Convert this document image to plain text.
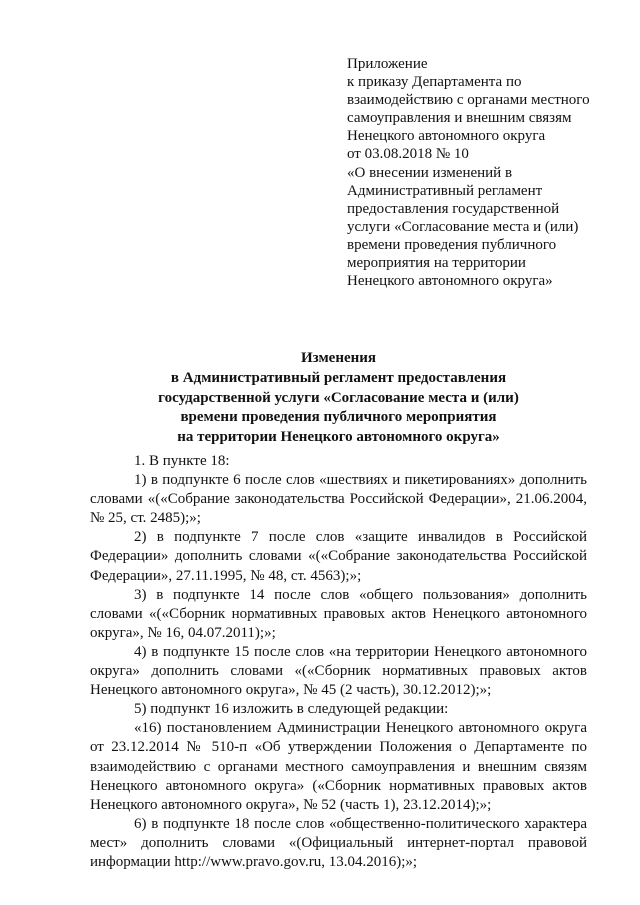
Приложение
к приказу Департамента по
взаимодействию с органами местного
самоуправления и внешним связям
Ненецкого автономного округа
от 03.08.2018 № 10
«О внесении изменений в
Административный регламент
предоставления государственной
услуги «Согласование места и (или)
времени проведения публичного
мероприятия на территории
Ненецкого автономного округа»
Изменения
в Административный регламент предоставления
государственной услуги «Согласование места и (или)
времени проведения публичного мероприятия
на территории Ненецкого автономного округа»

1. В пункте 18:

1) в подпункте 6 после слов «шествиях и пикетированиях» дополнить словами «(«Собрание законодательства Российской Федерации», 21.06.2004, № 25, ст. 2485);»;

2) в подпункте 7 после слов «защите инвалидов в Российской Федерации» дополнить словами «(«Собрание законодательства Российской Федерации», 27.11.1995, № 48, ст. 4563);»;

3) в подпункте 14 после слов «общего пользования» дополнить словами «(«Сборник нормативных правовых актов Ненецкого автономного округа», № 16, 04.07.2011);»;

4) в подпункте 15 после слов «на территории Ненецкого автономного округа» дополнить словами «(«Сборник нормативных правовых актов Ненецкого автономного округа», № 45 (2 часть), 30.12.2012);»;

5) подпункт 16 изложить в следующей редакции:

«16) постановлением Администрации Ненецкого автономного округа от 23.12.2014 № 510-п «Об утверждении Положения о Департаменте по взаимодействию с органами местного самоуправления и внешним связям Ненецкого автономного округа» («Сборник нормативных правовых актов Ненецкого автономного округа», № 52 (часть 1), 23.12.2014);»;

6) в подпункте 18 после слов «общественно-политического характера мест» дополнить словами «(Официальный интернет-портал правовой информации http://www.pravo.gov.ru, 13.04.2016);»;
